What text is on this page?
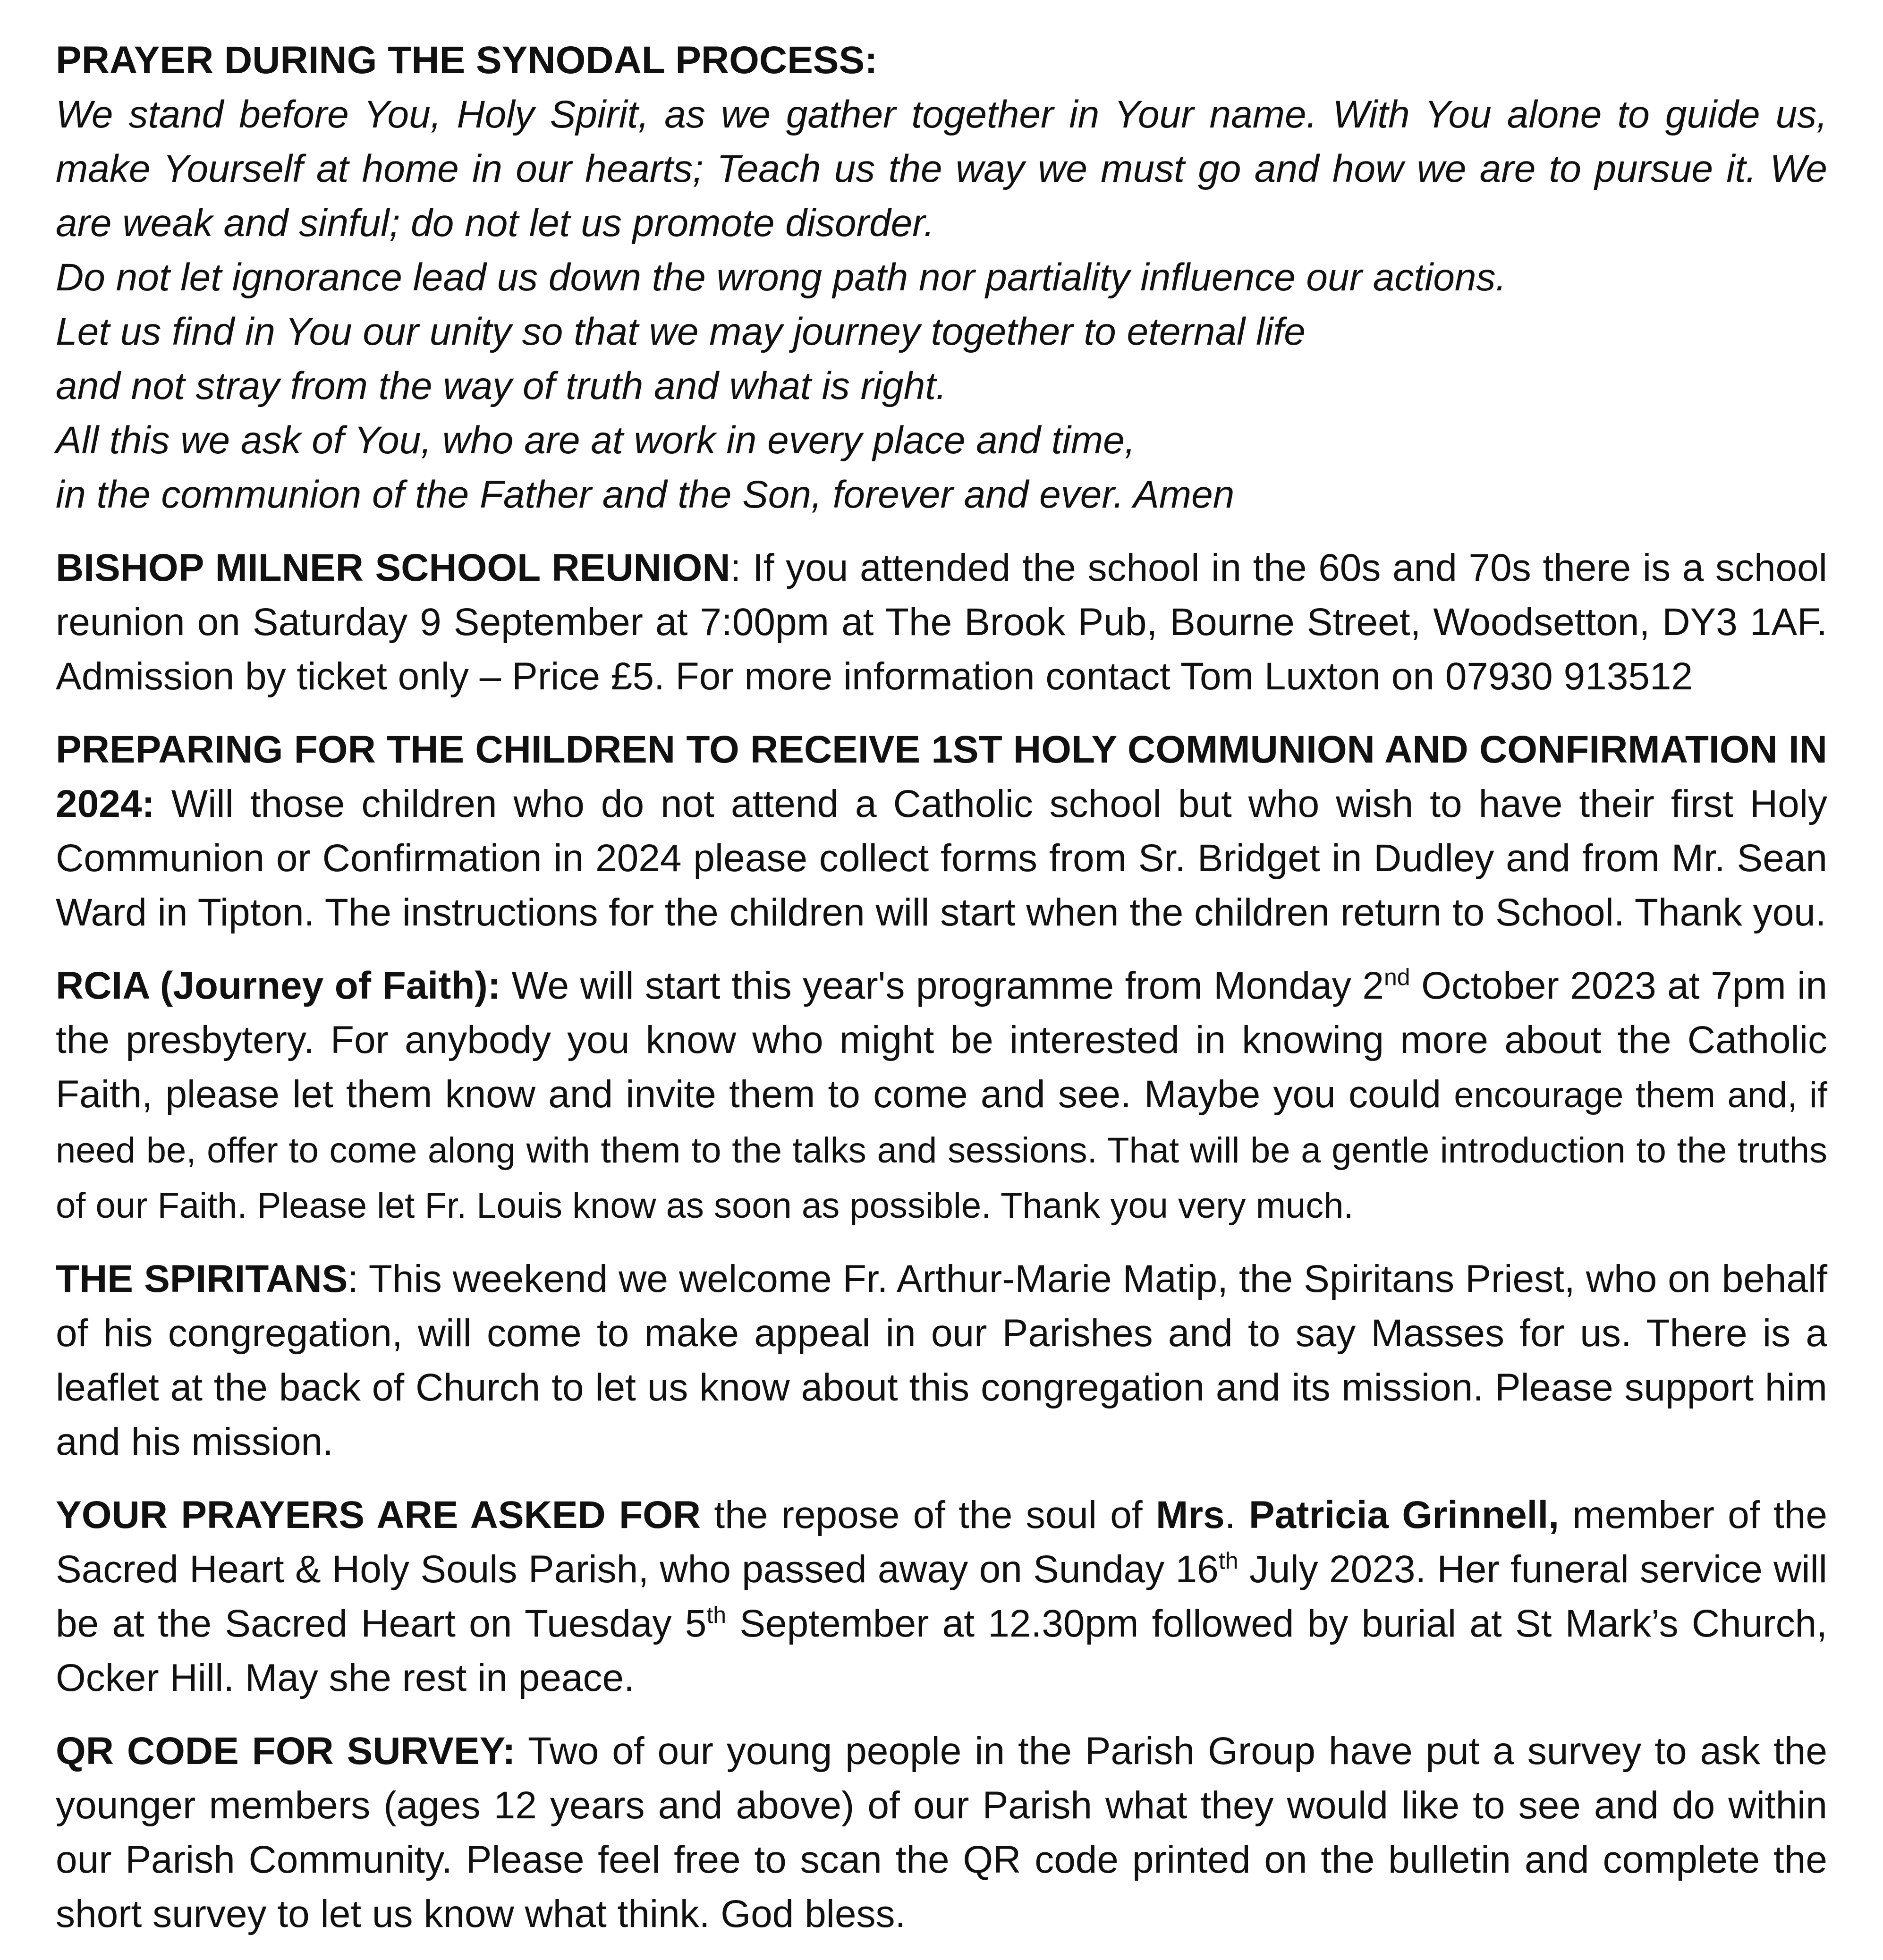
PRAYER DURING THE SYNODAL PROCESS:

We stand before You, Holy Spirit, as we gather together in Your name. With You alone to guide us, make Yourself at home in our hearts; Teach us the way we must go and how we are to pursue it. We are weak and sinful; do not let us promote disorder.

Do not let ignorance lead us down the wrong path nor partiality influence our actions.

Let us find in You our unity so that we may journey together to eternal life

and not stray from the way of truth and what is right.

All this we ask of You, who are at work in every place and time,

in the communion of the Father and the Son, forever and ever. Amen

BISHOP MILNER SCHOOL REUNION: If you attended the school in the 60s and 70s there is a school reunion on Saturday 9 September at 7:00pm at The Brook Pub, Bourne Street, Woodsetton, DY3 1AF. Admission by ticket only – Price £5. For more information contact Tom Luxton on 07930 913512

PREPARING FOR THE CHILDREN TO RECEIVE 1ST HOLY COMMUNION AND CONFIRMATION IN 2024: Will those children who do not attend a Catholic school but who wish to have their first Holy Communion or Confirmation in 2024 please collect forms from Sr. Bridget in Dudley and from Mr. Sean Ward in Tipton. The instructions for the children will start when the children return to School. Thank you.

RCIA (Journey of Faith): We will start this year's programme from Monday 2nd October 2023 at 7pm in the presbytery. For anybody you know who might be interested in knowing more about the Catholic Faith, please let them know and invite them to come and see. Maybe you could encourage them and, if need be, offer to come along with them to the talks and sessions. That will be a gentle introduction to the truths of our Faith. Please let Fr. Louis know as soon as possible. Thank you very much.

THE SPIRITANS: This weekend we welcome Fr. Arthur-Marie Matip, the Spiritans Priest, who on behalf of his congregation, will come to make appeal in our Parishes and to say Masses for us. There is a leaflet at the back of Church to let us know about this congregation and its mission. Please support him and his mission.

YOUR PRAYERS ARE ASKED FOR the repose of the soul of Mrs. Patricia Grinnell, member of the Sacred Heart & Holy Souls Parish, who passed away on Sunday 16th July 2023. Her funeral service will be at the Sacred Heart on Tuesday 5th September at 12.30pm followed by burial at St Mark’s Church, Ocker Hill. May she rest in peace.

QR CODE FOR SURVEY: Two of our young people in the Parish Group have put a survey to ask the younger members (ages 12 years and above) of our Parish what they would like to see and do within our Parish Community. Please feel free to scan the QR code printed on the bulletin and complete the short survey to let us know what think. God bless.
